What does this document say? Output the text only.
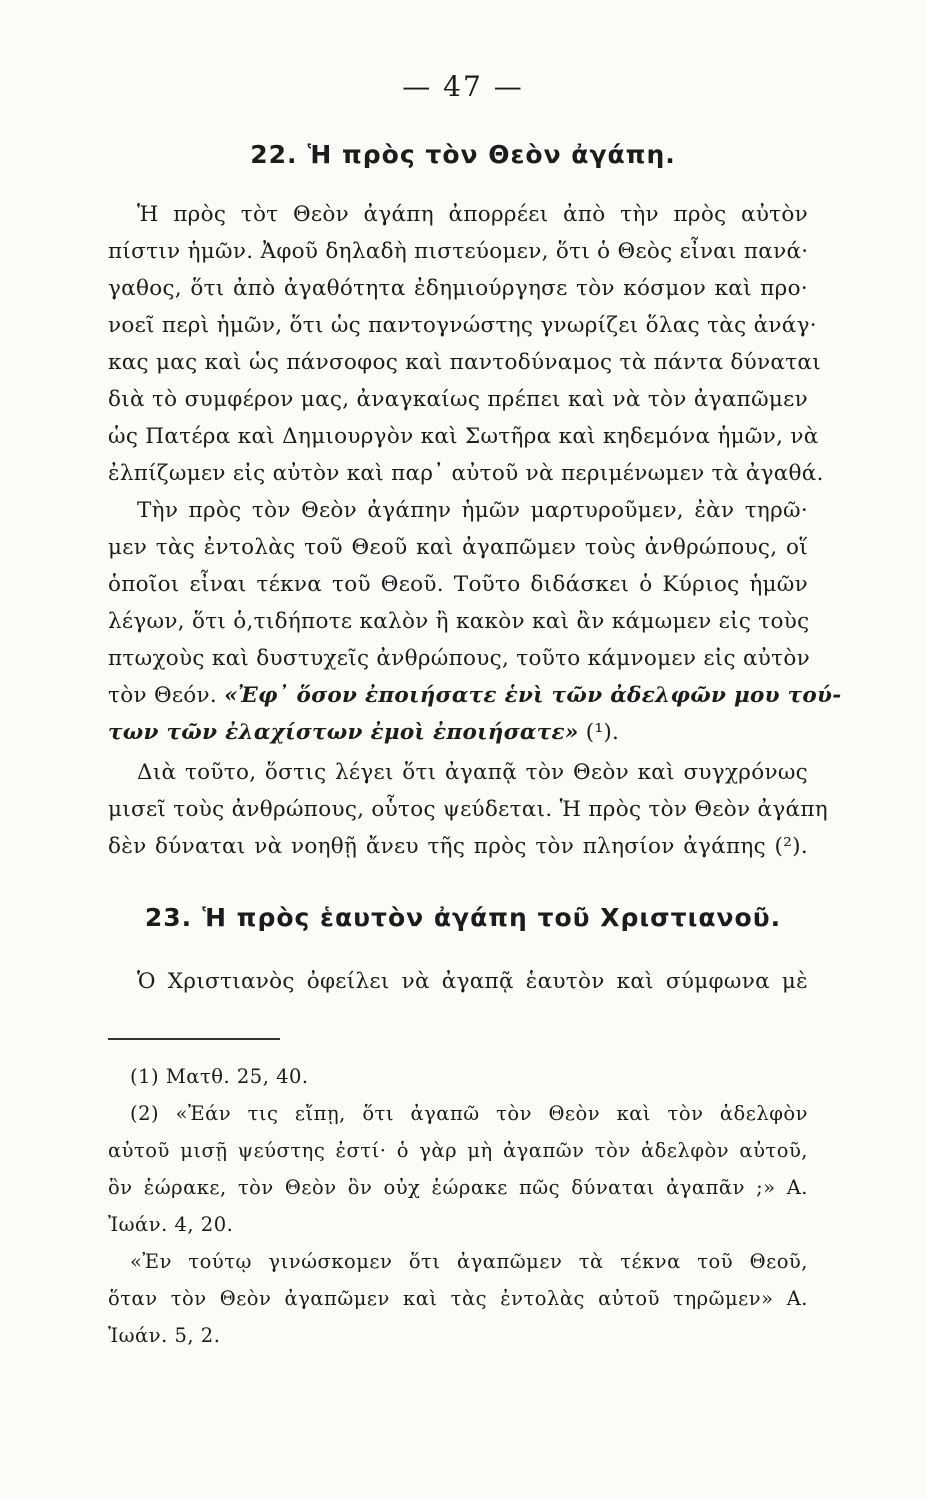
— 47 —
22. Ἡ πρὸς τὸν Θεὸν ἀγάπη.
Ἡ πρὸς τὸτ Θεὸν ἀγάπη ἀπορρέει ἀπὸ τὴν πρὸς αὐτὸν
πίστιν ἡμῶν. Ἀφοῦ δηλαδὴ πιστεύομεν, ὅτι ὁ Θεὸς εἶναι πανά·
γαθος, ὅτι ἀπὸ ἀγαθότητα ἐδημιούργησε τὸν κόσμον καὶ προ·
νοεῖ περὶ ἡμῶν, ὅτι ὡς παντογνώστης γνωρίζει ὅλας τὰς ἀνάγ·
κας μας καὶ ὡς πάνσοφος καὶ παντοδύναμος τὰ πάντα δύναται
διὰ τὸ συμφέρον μας, ἀναγκαίως πρέπει καὶ νὰ τὸν ἀγαπῶμεν
ὡς Πατέρα καὶ Δημιουργὸν καὶ Σωτῆρα καὶ κηδεμόνα ἡμῶν, νὰ
ἐλπίζωμεν εἰς αὐτὸν καὶ παρ᾽ αὐτοῦ νὰ περιμένωμεν τὰ ἀγαθά.
Τὴν πρὸς τὸν Θεὸν ἀγάπην ἡμῶν μαρτυροῦμεν, ἐὰν τηρῶ·
μεν τὰς ἐντολὰς τοῦ Θεοῦ καὶ ἀγαπῶμεν τοὺς ἀνθρώπους, οἵ
ὁποῖοι εἶναι τέκνα τοῦ Θεοῦ. Τοῦτο διδάσκει ὁ Κύριος ἡμῶν
λέγων, ὅτι ὁ,τιδήποτε καλὸν ἢ κακὸν καὶ ἂν κάμωμεν εἰς τοὺς
πτωχοὺς καὶ δυστυχεῖς ἀνθρώπους, τοῦτο κάμνομεν εἰς αὐτὸν
τὸν Θεόν. «Ἐφ᾽ ὅσον ἐποιήσατε ἑνὶ τῶν ἀδελφῶν μου τού-
των τῶν ἐλαχίστων ἐμοὶ ἐποιήσατε» (¹).
Διὰ τοῦτο, ὅστις λέγει ὅτι ἀγαπᾷ τὸν Θεὸν καὶ συγχρόνως
μισεῖ τοὺς ἀνθρώπους, οὗτος ψεύδεται. Ἡ πρὸς τὸν Θεὸν ἀγάπη
δὲν δύναται νὰ νοηθῇ ἄνευ τῆς πρὸς τὸν πλησίον ἀγάπης (²).
23. Ἡ πρὸς ἑαυτὸν ἀγάπη τοῦ Χριστιανοῦ.
Ὁ Χριστιανὸς ὀφείλει νὰ ἀγαπᾷ ἑαυτὸν καὶ σύμφωνα μὲ
(1) Ματθ. 25, 40.
(2) «Ἐάν τις εἴπῃ, ὅτι ἀγαπῶ τὸν Θεὸν καὶ τὸν ἀδελφὸν
αὐτοῦ μισῇ ψεύστης ἐστί· ὁ γὰρ μὴ ἀγαπῶν τὸν ἀδελφὸν αὐτοῦ,
ὃν ἑώρακε, τὸν Θεὸν ὃν οὐχ ἑώρακε πῶς δύναται ἀγαπᾶν ;» Α.
Ἰωάν. 4, 20.
«Ἐν τούτῳ γινώσκομεν ὅτι ἀγαπῶμεν τὰ τέκνα τοῦ Θεοῦ,
ὅταν τὸν Θεὸν ἀγαπῶμεν καὶ τὰς ἐντολὰς αὐτοῦ τηρῶμεν» Α.
Ἰωάν. 5, 2.
